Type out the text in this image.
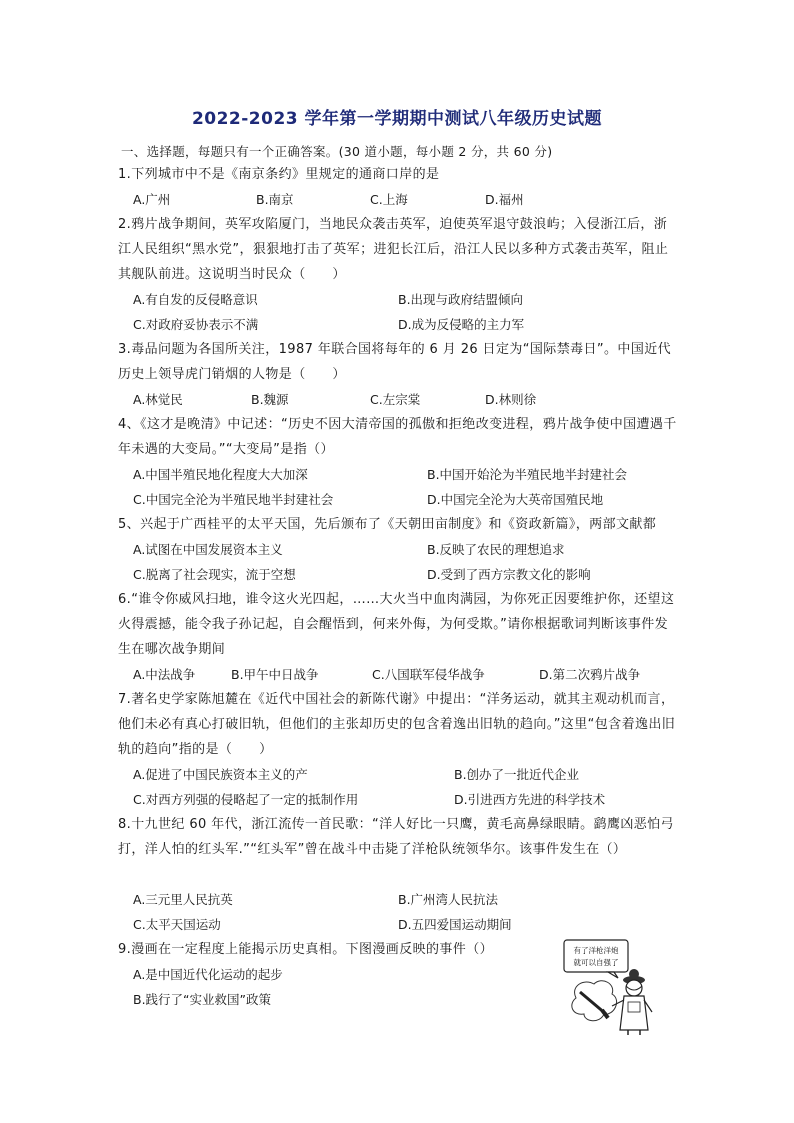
2022-2023 学年第一学期期中测试八年级历史试题
一、选择题，每题只有一个正确答案。(30 道小题，每小题 2 分，共 60 分)
1.下列城市中不是《南京条约》里规定的通商口岸的是
A.广州	B.南京	C.上海	D.福州
2.鸦片战争期间，英军攻陷厦门，当地民众袭击英军，迫使英军退守鼓浪屿；入侵浙江后，浙江人民组织“黑水党”，狠狠地打击了英军；进犯长江后，沿江人民以多种方式袭击英军，阻止其舰队前进。这说明当时民众（　　）
A.有自发的反侵略意识	B.出现与政府结盟倾向
C.对政府妥协表示不满	D.成为反侵略的主力军
3.毒品问题为各国所关注，1987 年联合国将每年的 6 月 26 日定为“国际禁毒日”。中国近代历史上领导虎门销烟的人物是（　　）
A.林觉民	B.魏源	C.左宗棠	D.林则徐
4、《这才是晚清》中记述：“历史不因大清帝国的孤傲和拒绝改变进程，鸦片战争使中国遭遇千年未遇的大变局。”“大变局”是指（）
A.中国半殖民地化程度大大加深	B.中国开始沦为半殖民地半封建社会
C.中国完全沦为半殖民地半封建社会	D.中国完全沦为大英帝国殖民地
5、兴起于广西桂平的太平天国，先后颁布了《天朝田亩制度》和《资政新篇》，两部文献都
A.试图在中国发展资本主义	B.反映了农民的理想追求
C.脱离了社会现实，流于空想	D.受到了西方宗教文化的影响
6.“谁令你威风扫地，谁令这火光四起，……大火当中血肉满园，为你死正因要维护你，还望这火得震撼，能令我子孙记起，自会醒悟到，何来外侮，为何受欺。”请你根据歌词判断该事件发生在哪次战争期间
A.中法战争	B.甲午中日战争	C.八国联军侵华战争	D.第二次鸦片战争
7.著名史学家陈旭麓在《近代中国社会的新陈代谢》中提出：“洋务运动，就其主观动机而言，他们未必有真心打破旧轨，但他们的主张却历史的包含着逸出旧轨的趋向。”这里“包含着逸出旧轨的趋向”指的是（　　）
A.促进了中国民族资本主义的产	B.创办了一批近代企业
C.对西方列强的侵略起了一定的抵制作用	D.引进西方先进的科学技术
8.十九世纪 60 年代，浙江流传一首民歌：“洋人好比一只鹰，黄毛高鼻绿眼睛。鹞鹰凶恶怕弓打，洋人怕的红头军.”“红头军”曾在战斗中击毙了洋枪队统领华尔。该事件发生在（）
A.三元里人民抗英	B.广州湾人民抗法
C.太平天国运动	D.五四爱国运动期间
9.漫画在一定程度上能揭示历史真相。下图漫画反映的事件（）
A.是中国近代化运动的起步
B.践行了“实业救国”政策
有了洋枪洋炮
就可以自强了
